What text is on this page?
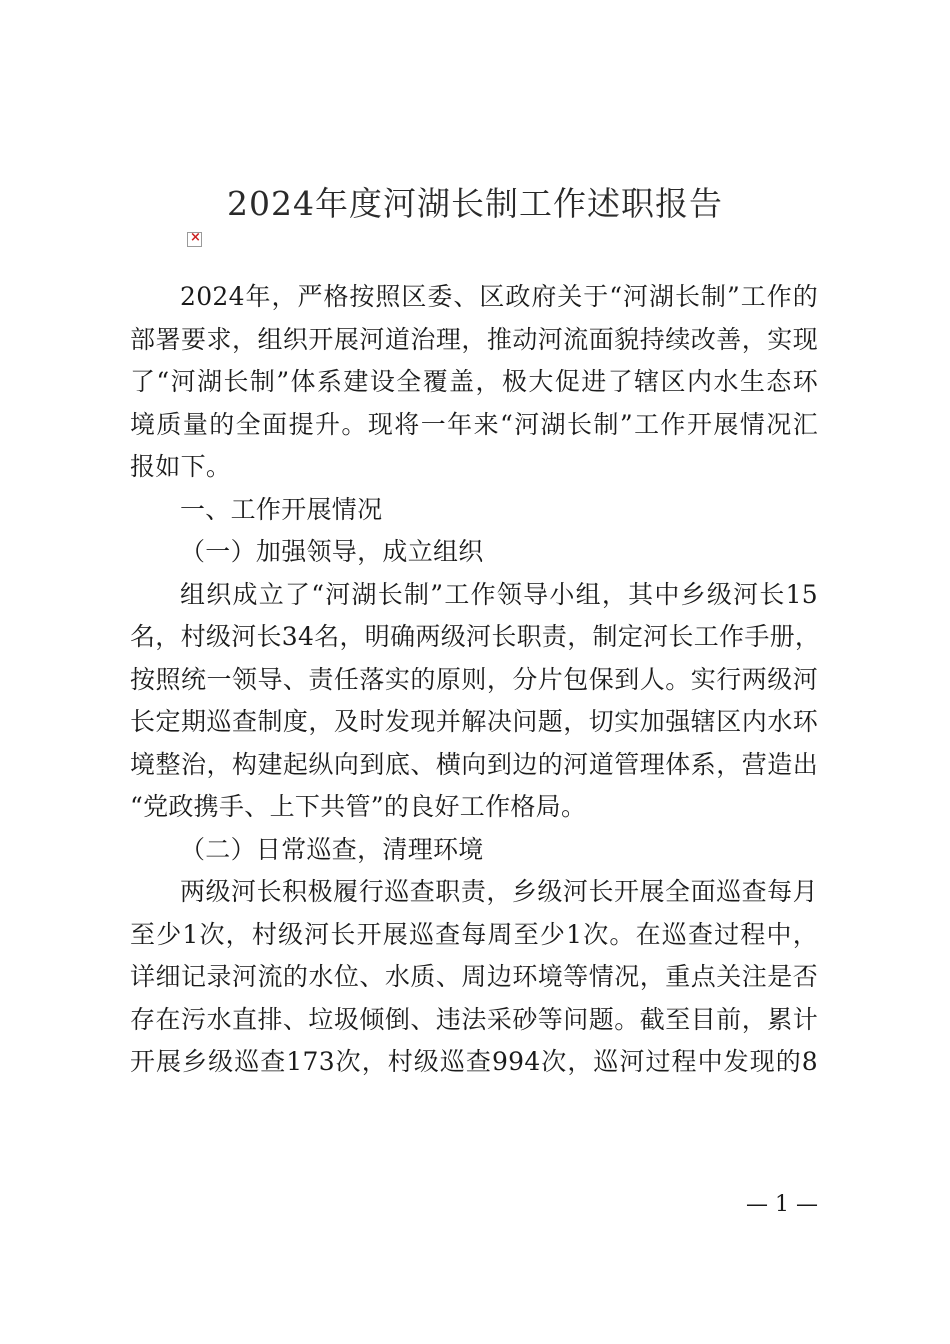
2024年度河湖长制工作述职报告
×
2024年，严格按照区委、区政府关于“河湖长制”工作的
部署要求，组织开展河道治理，推动河流面貌持续改善，实现
了“河湖长制”体系建设全覆盖，极大促进了辖区内水生态环
境质量的全面提升。现将一年来“河湖长制”工作开展情况汇
报如下。
一、工作开展情况
（一）加强领导，成立组织
组织成立了“河湖长制”工作领导小组，其中乡级河长15
名，村级河长34名，明确两级河长职责，制定河长工作手册，
按照统一领导、责任落实的原则，分片包保到人。实行两级河
长定期巡查制度，及时发现并解决问题，切实加强辖区内水环
境整治，构建起纵向到底、横向到边的河道管理体系，营造出
“党政携手、上下共管”的良好工作格局。
（二）日常巡查，清理环境
两级河长积极履行巡查职责，乡级河长开展全面巡查每月
至少1次，村级河长开展巡查每周至少1次。在巡查过程中，
详细记录河流的水位、水质、周边环境等情况，重点关注是否
存在污水直排、垃圾倾倒、违法采砂等问题。截至目前，累计
开展乡级巡查173次，村级巡查994次，巡河过程中发现的8
— 1 —
